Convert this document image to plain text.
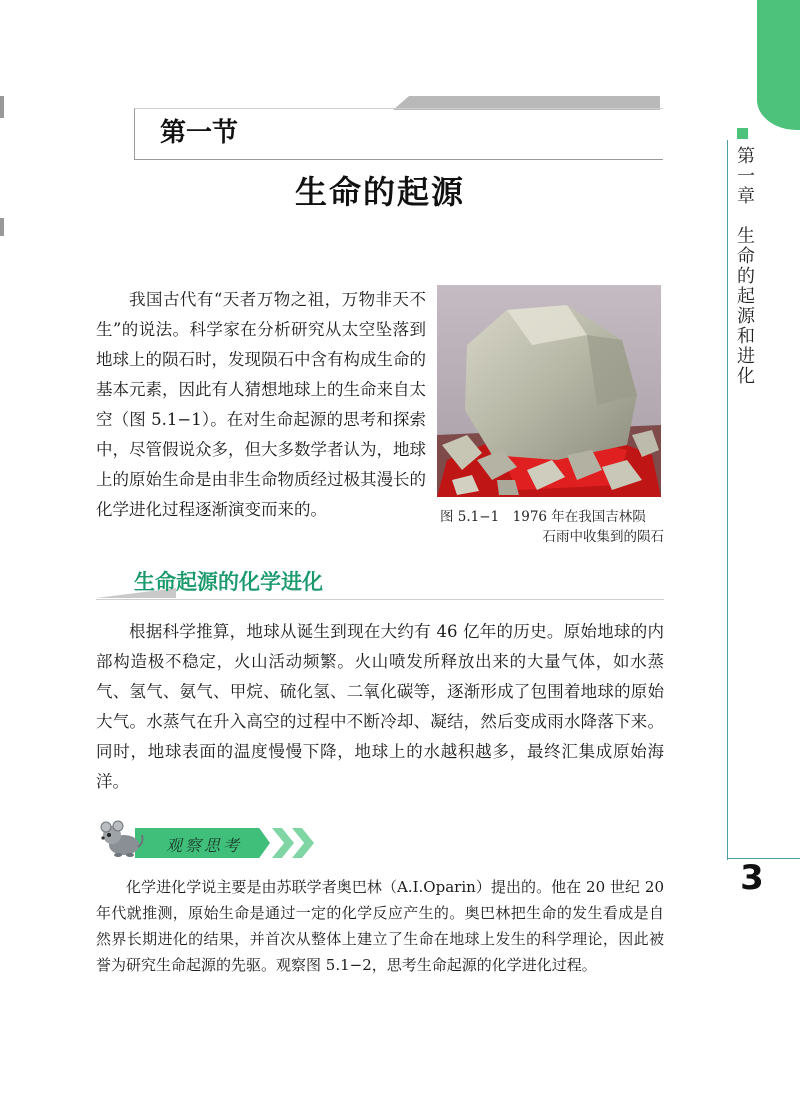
第一章　生命的起源和进化
3
第一节
生命的起源

我国古代有“天者万物之祖，万物非天不生”的说法。科学家在分析研究从太空坠落到地球上的陨石时，发现陨石中含有构成生命的基本元素，因此有人猜想地球上的生命来自太空（图 5.1−1）。在对生命起源的思考和探索中，尽管假说众多，但大多数学者认为，地球上的原始生命是由非生命物质经过极其漫长的化学进化过程逐渐演变而来的。	图 5.1−1　1976 年在我国吉林陨
石雨中收集到的陨石
生命起源的化学进化

根据科学推算，地球从诞生到现在大约有 46 亿年的历史。原始地球的内部构造极不稳定，火山活动频繁。火山喷发所释放出来的大量气体，如水蒸气、氢气、氨气、甲烷、硫化氢、二氧化碳等，逐渐形成了包围着地球的原始大气。水蒸气在升入高空的过程中不断冷却、凝结，然后变成雨水降落下来。同时，地球表面的温度慢慢下降，地球上的水越积越多，最终汇集成原始海洋。

观察思考

化学进化学说主要是由苏联学者奥巴林（A.I.Oparin）提出的。他在 20 世纪 20 年代就推测，原始生命是通过一定的化学反应产生的。奥巴林把生命的发生看成是自然界长期进化的结果，并首次从整体上建立了生命在地球上发生的科学理论，因此被誉为研究生命起源的先驱。观察图 5.1−2，思考生命起源的化学进化过程。
